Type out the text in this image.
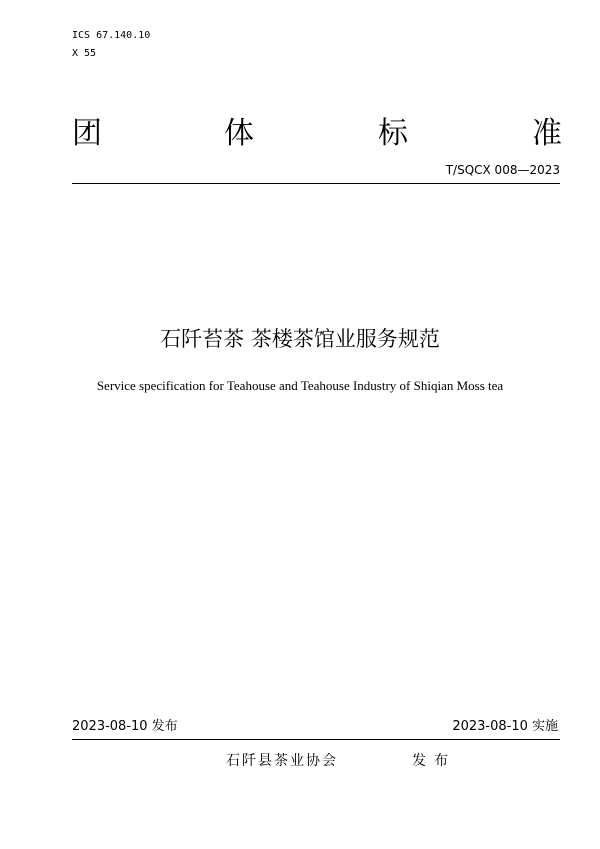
ICS 67.140.10
X 55
团	体	标	准
T/SQCX 008—2023
石阡苔茶 茶楼茶馆业服务规范
Service specification for Teahouse and Teahouse Industry of Shiqian Moss tea
2023-08-10 发布	2023-08-10 实施
石阡县茶业协会	发布
